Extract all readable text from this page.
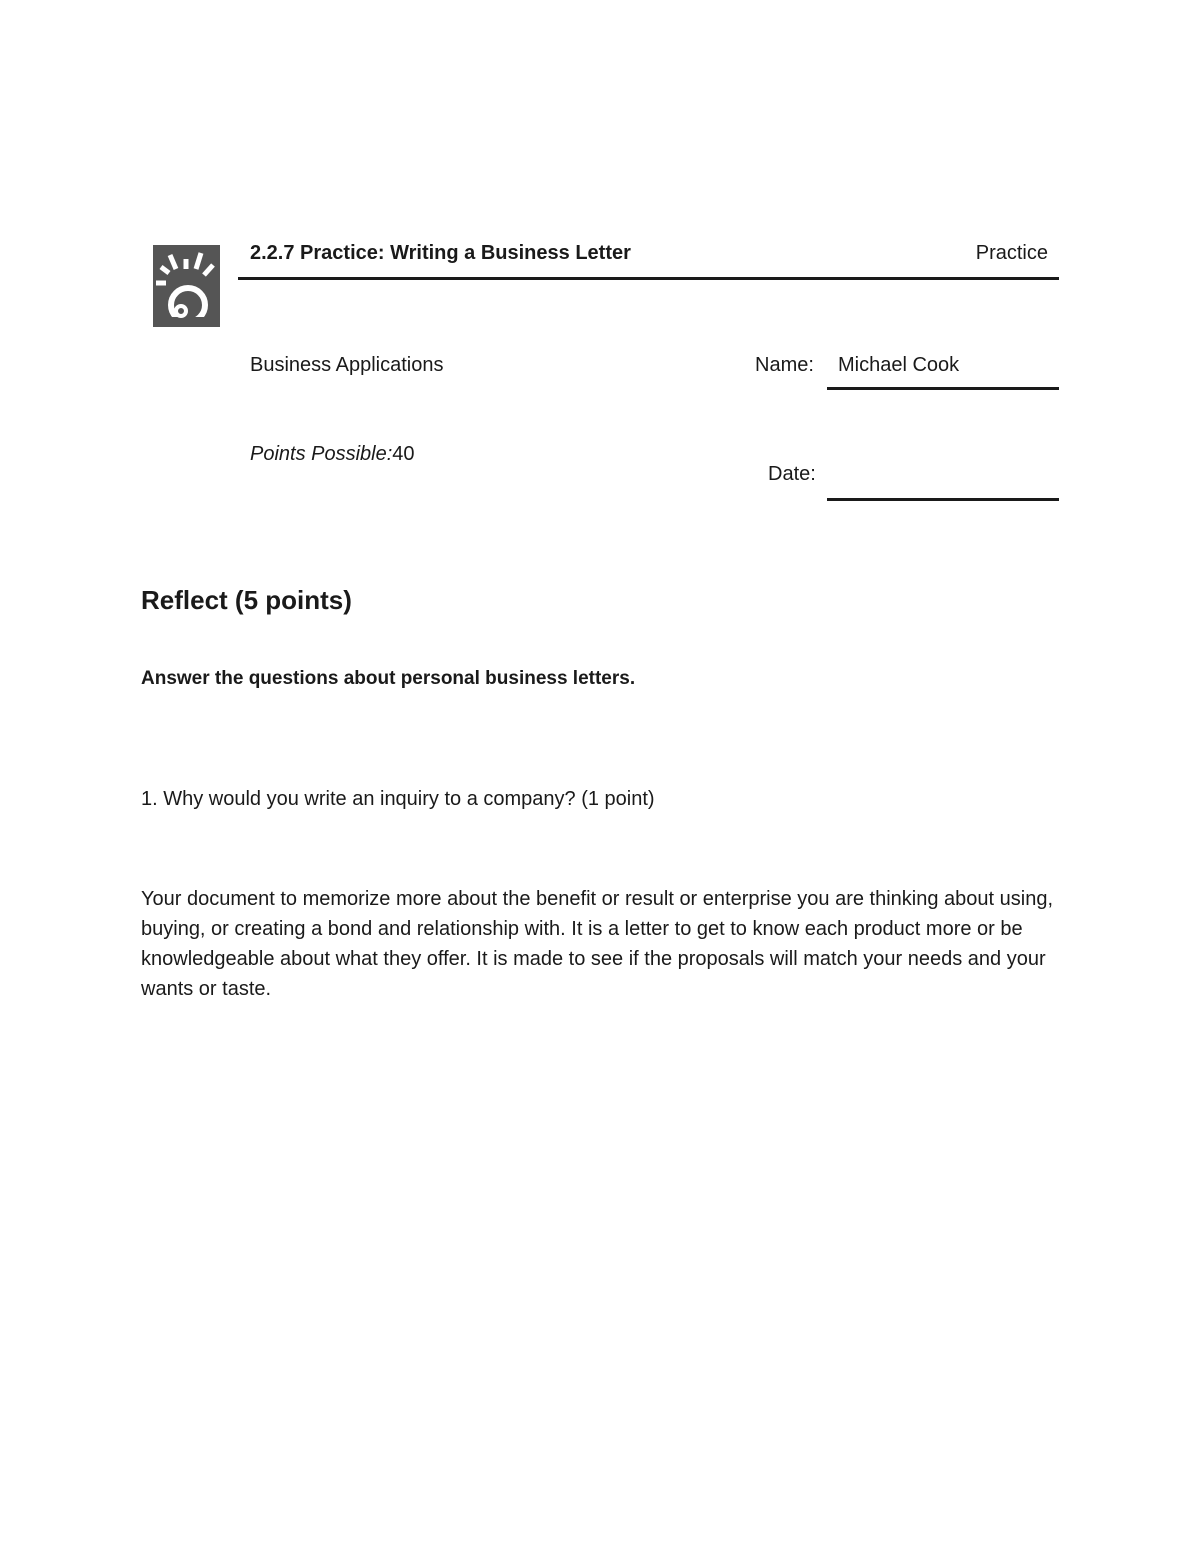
2.2.7 Practice: Writing a Business Letter	Practice
Business Applications
Points Possible:40
Name: Michael Cook
Date:
Reflect (5 points)
Answer the questions about personal business letters.
1. Why would you write an inquiry to a company? (1 point)
Your document to memorize more about the benefit or result or enterprise you are thinking about using, buying, or creating a bond and relationship with. It is a letter to get to know each product more or be knowledgeable about what they offer. It is made to see if the proposals will match your needs and your wants or taste.
